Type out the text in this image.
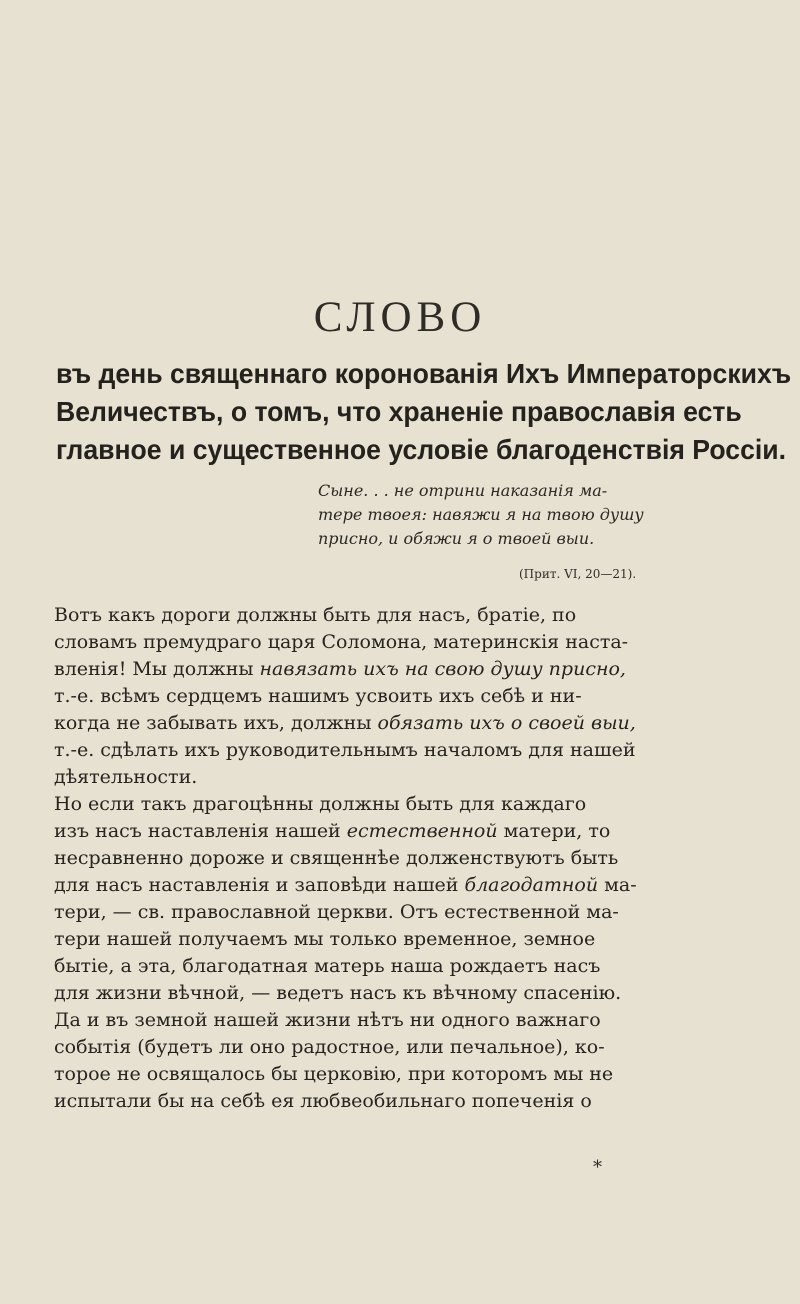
СЛОВО
въ день священнаго коронованія Ихъ Императорскихъ
Величествъ, о томъ, что храненіе православія есть
главное и существенное условіе благоденствія Россіи.
Сыне. . . не отрини наказанія ма-
тере твоея: навяжи я на твою душу
присно, и обяжи я о твоей выи.
(Прит. VI, 20—21).
Вотъ какъ дороги должны быть для насъ, братіе, по
словамъ премудраго царя Соломона, материнскія наста-
вленія! Мы должны навязать ихъ на свою душу присно,
т.-е. всѣмъ сердцемъ нашимъ усвоить ихъ себѣ и ни-
когда не забывать ихъ, должны обязать ихъ о своей выи,
т.-е. сдѣлать ихъ руководительнымъ началомъ для нашей
дѣятельности.
Но если такъ драгоцѣнны должны быть для каждаго
изъ насъ наставленія нашей естественной матери, то
несравненно дороже и священнѣе долженствуютъ быть
для насъ наставленія и заповѣди нашей благодатной ма-
тери, — св. православной церкви. Отъ естественной ма-
тери нашей получаемъ мы только временное, земное
бытіе, а эта, благодатная матерь наша рождаетъ насъ
для жизни вѣчной, — ведетъ насъ къ вѣчному спасенію.
Да и въ земной нашей жизни нѣтъ ни одного важнаго
событія (будетъ ли оно радостное, или печальное), ко-
торое не освящалось бы церковію, при которомъ мы не
испытали бы на себѣ ея любвеобильнаго попеченія о
*
